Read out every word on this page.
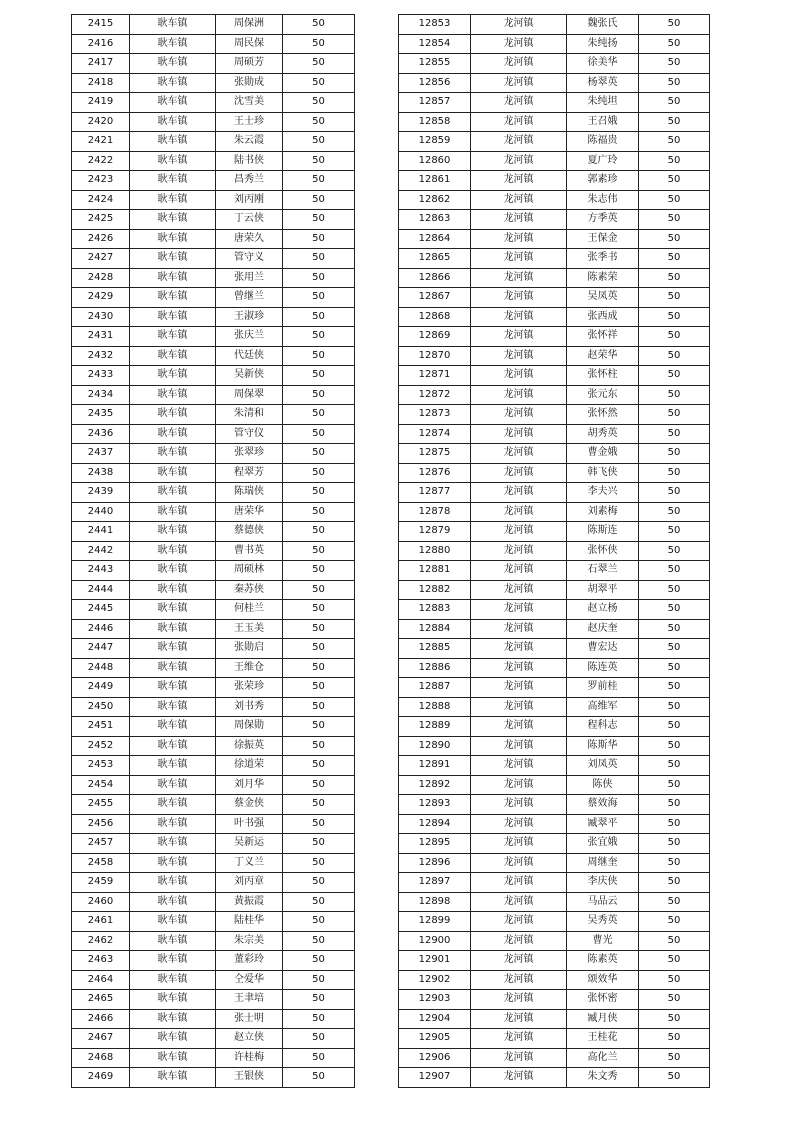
2415	耿车镇	周保洲	50
2416	耿车镇	周民保	50
2417	耿车镇	周硕芳	50
2418	耿车镇	张勋成	50
2419	耿车镇	沈雪美	50
2420	耿车镇	王士珍	50
2421	耿车镇	朱云霞	50
2422	耿车镇	陆书侠	50
2423	耿车镇	昌秀兰	50
2424	耿车镇	刘丙刚	50
2425	耿车镇	丁云侠	50
2426	耿车镇	唐荣久	50
2427	耿车镇	管守义	50
2428	耿车镇	张用兰	50
2429	耿车镇	曾继兰	50
2430	耿车镇	王淑珍	50
2431	耿车镇	张庆兰	50
2432	耿车镇	代廷侠	50
2433	耿车镇	吴新侠	50
2434	耿车镇	周保翠	50
2435	耿车镇	朱清和	50
2436	耿车镇	管守仪	50
2437	耿车镇	张翠珍	50
2438	耿车镇	程翠芳	50
2439	耿车镇	陈瑞侠	50
2440	耿车镇	唐荣华	50
2441	耿车镇	蔡德侠	50
2442	耿车镇	曹书英	50
2443	耿车镇	周硕林	50
2444	耿车镇	秦苏侠	50
2445	耿车镇	何桂兰	50
2446	耿车镇	王玉美	50
2447	耿车镇	张勋启	50
2448	耿车镇	王维仓	50
2449	耿车镇	张荣珍	50
2450	耿车镇	刘书秀	50
2451	耿车镇	周保勋	50
2452	耿车镇	徐振英	50
2453	耿车镇	徐道荣	50
2454	耿车镇	刘月华	50
2455	耿车镇	蔡金侠	50
2456	耿车镇	叶书强	50
2457	耿车镇	吴新运	50
2458	耿车镇	丁义兰	50
2459	耿车镇	刘丙章	50
2460	耿车镇	黄振霞	50
2461	耿车镇	陆桂华	50
2462	耿车镇	朱宗美	50
2463	耿车镇	董彩玲	50
2464	耿车镇	仝爱华	50
2465	耿车镇	王聿培	50
2466	耿车镇	张士明	50
2467	耿车镇	赵立侠	50
2468	耿车镇	许桂梅	50
2469	耿车镇	王银侠	50
12853	龙河镇	魏张氏	50
12854	龙河镇	朱纯扬	50
12855	龙河镇	徐美华	50
12856	龙河镇	杨翠英	50
12857	龙河镇	朱纯坦	50
12858	龙河镇	王召娥	50
12859	龙河镇	陈福贵	50
12860	龙河镇	夏广玲	50
12861	龙河镇	郭素珍	50
12862	龙河镇	朱志伟	50
12863	龙河镇	方季英	50
12864	龙河镇	王保金	50
12865	龙河镇	张季书	50
12866	龙河镇	陈素荣	50
12867	龙河镇	吴凤英	50
12868	龙河镇	张西成	50
12869	龙河镇	张怀祥	50
12870	龙河镇	赵荣华	50
12871	龙河镇	张怀柱	50
12872	龙河镇	张元东	50
12873	龙河镇	张怀然	50
12874	龙河镇	胡秀英	50
12875	龙河镇	曹金娥	50
12876	龙河镇	韩飞侠	50
12877	龙河镇	李夫兴	50
12878	龙河镇	刘素梅	50
12879	龙河镇	陈斯连	50
12880	龙河镇	张怀侠	50
12881	龙河镇	石翠兰	50
12882	龙河镇	胡翠平	50
12883	龙河镇	赵立杨	50
12884	龙河镇	赵庆奎	50
12885	龙河镇	曹宏达	50
12886	龙河镇	陈连英	50
12887	龙河镇	罗前桂	50
12888	龙河镇	高维军	50
12889	龙河镇	程科志	50
12890	龙河镇	陈斯华	50
12891	龙河镇	刘凤英	50
12892	龙河镇	陈侠	50
12893	龙河镇	蔡效海	50
12894	龙河镇	臧翠平	50
12895	龙河镇	张宜娥	50
12896	龙河镇	周继奎	50
12897	龙河镇	李庆侠	50
12898	龙河镇	马品云	50
12899	龙河镇	吴秀英	50
12900	龙河镇	曹光	50
12901	龙河镇	陈素英	50
12902	龙河镇	颂效华	50
12903	龙河镇	张怀密	50
12904	龙河镇	臧月侠	50
12905	龙河镇	王桂花	50
12906	龙河镇	高化兰	50
12907	龙河镇	朱文秀	50
